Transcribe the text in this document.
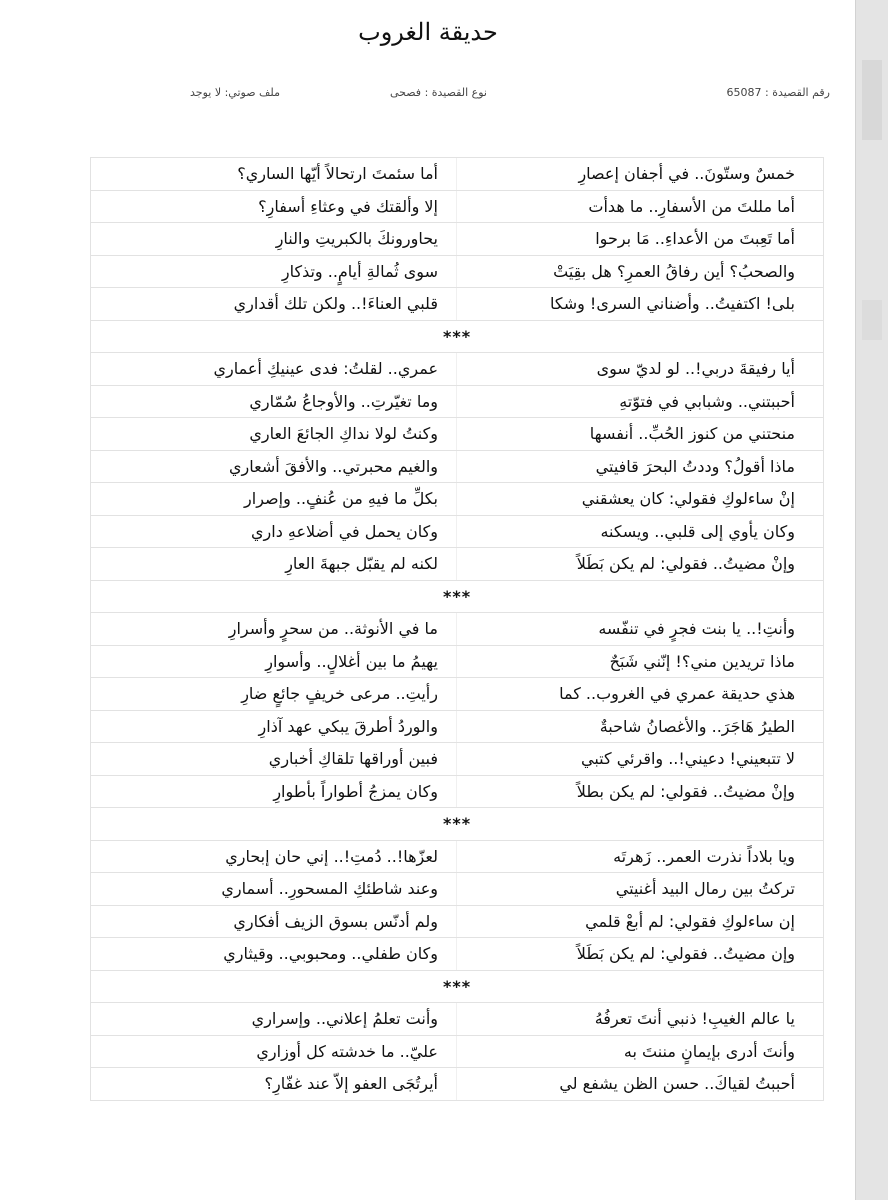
حديقة الغروب
رقم القصيدة : 65087
نوع القصيدة : فصحى
ملف صوتي: لا يوجد
خمسٌ وستّونَ.. في أجفان إعصارِ
أما سئمتَ ارتحالاً أيّها الساري؟
أما مللتَ من الأسفارِ.. ما هدأت
إلا وألقتك في وعثاءِ أسفارِ؟
أما تَعِبتَ من الأعداءِ.. مَا برحوا
يحاورونكَ بالكبريتِ والنارِ
والصحبُ؟ أين رفاقُ العمرِ؟ هل بقِيَتْ
سوى ثُمالةِ أيامٍ.. وتذكارِ
بلى! اكتفيتُ.. وأضناني السرى! وشكا
قلبي العناءَ!.. ولكن تلك أقداري
***
أيا رفيقةَ دربي!.. لو لديّ سوى
عمري.. لقلتُ: فدى عينيكِ أعماري
أحببتني.. وشبابي في فتوّتهِ
وما تغيّرتِ.. والأوجاعُ سُمّاري
منحتني من كنوز الحُبِّ.. أنفسها
وكنتُ لولا نداكِ الجائعَ العاري
ماذا أقولُ؟ وددتُ البحرَ قافيتي
والغيم محبرتي.. والأفقَ أشعاري
إنْ ساءلوكِ فقولي: كان يعشقني
بكلِّ ما فيهِ من عُنفٍ.. وإصرار
وكان يأوي إلى قلبي.. ويسكنه
وكان يحمل في أضلاعهِ داري
وإنْ مضيتُ.. فقولي: لم يكن بَطَلاً
لكنه لم يقبّل جبهةَ العارِ
***
وأنتِ!.. يا بنت فجرٍ في تنفّسه
ما في الأنوثة.. من سحرٍ وأسرارِ
ماذا تريدين مني؟! إنّني شَبَحٌ
يهيمُ ما بين أغلالٍ.. وأسوارِ
هذي حديقة عمري في الغروب.. كما
رأيتِ.. مرعى خريفٍ جائعٍ ضارِ
الطيرُ هَاجَرَ.. والأغصانُ شاحبةٌ
والوردُ أطرقَ يبكي عهد آذارِ
لا تتبعيني! دعيني!.. واقرئي كتبي
فبين أوراقها تلقاكِ أخباري
وإنْ مضيتُ.. فقولي: لم يكن بطلاً
وكان يمزجُ أطواراً بأطوارِ
***
ويا بلاداً نذرت العمر.. زَهرتَه
لعزّها!.. دُمتِ!.. إني حان إبحاري
تركتُ بين رمال البيد أغنيتي
وعند شاطئكِ المسحورِ.. أسماري
إن ساءلوكِ فقولي: لم أبعْ قلمي
ولم أدنّس بسوق الزيف أفكاري
وإن مضيتُ.. فقولي: لم يكن بَطَلاً
وكان طفلي.. ومحبوبي.. وقيثاري
***
يا عالم الغيبِ! ذنبي أنتَ تعرفُهُ
وأنت تعلمُ إعلاني.. وإسراري
وأنتَ أدرى بإيمانٍ مننتَ به
عليّ.. ما خدشته كل أوزاري
أحببتُ لقياكَ.. حسن الظن يشفع لي
أيرتُجَى العفو إلاّ عند غفّارِ؟
